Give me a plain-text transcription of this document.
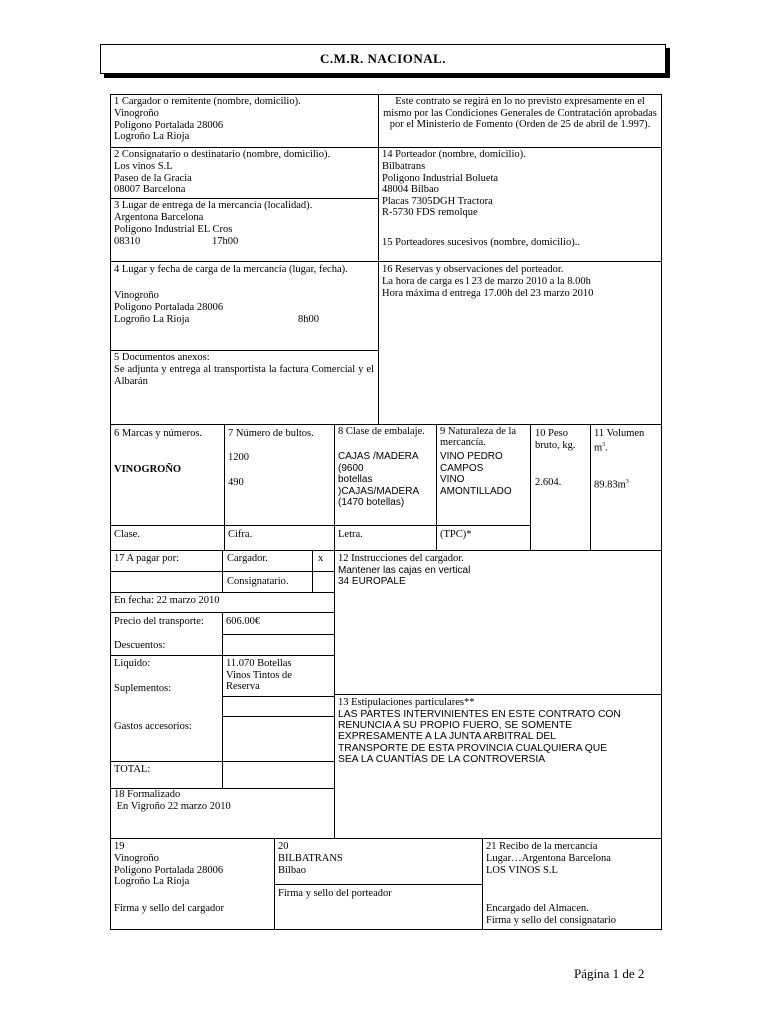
C.M.R. NACIONAL.
1 Cargador o remitente (nombre, domicilio).
Vinogroño
Poligono Portalada 28006
Logroño La Rioja
Este contrato se regirá en lo no previsto expresamente en el mismo por las Condiciones Generales de Contratación aprobadas por el Ministerio de Fomento (Orden de 25 de abril de 1.997).
2 Consignatario o destinatario (nombre, domicilio).
Los vinos S.L
Paseo de la Gracia
08007 Barcelona
14 Porteador (nombre, domicilio).
Bilbatrans
Poligono Industrial Bolueta
48004 Bilbao
Placas 7305DGH Tractora
R-5730 FDS remolque
3 Lugar de entrega de la mercancía (localidad).
Argentona Barcelona
Poligono Industrial EL Cros
08310	17h00	15 Porteadores sucesivos (nombre, domicilio)..
4 Lugar y fecha de carga de la mercancía (lugar, fecha).
Vinogroño
Poligono Portalada 28006
Logroño La Rioja	8h00
16 Reservas y observaciones del porteador.
La hora de carga es l 23 de marzo 2010 a la 8.00h
Hora máxima d entrega 17.00h del 23 marzo 2010
5 Documentos anexos:
Se adjunta y entrega al transportista la factura Comercial y el Albarán
6 Marcas y números.
VINOGROÑO
Clase.
7 Número de bultos.
1200
490
Cifra.
8 Clase de embalaje.
CAJAS /MADERA
(9600
botellas
)CAJAS/MADERA
(1470 botellas)
Letra.
9 Naturaleza de la mercancía.
VINO PEDRO
CAMPOS
VINO
AMONTILLADO
(TPC)*
10 Peso bruto, kg.
2.604.
11 Volumen $m^3$.
$89.83m^3$
17 A pagar por:	Cargador.	x
Consignatario.
12 Instrucciones del cargador.
Mantener las cajas en vertical
34 EUROPALE
En fecha: 22 marzo 2010
Precio del transporte: 606.00€
Descuentos:
Liquido:	11.070 Botellas
Vinos Tintos de
Reserva
Suplementos:
Gastos accesorios:
TOTAL:
13 Estipulaciones particulares**
LAS PARTES INTERVINIENTES EN ESTE CONTRATO CON
RENUNCIA A SU PROPIO FUERO, SE SOMENTE
EXPRESAMENTE A LA JUNTA ARBITRAL DEL
TRANSPORTE DE ESTA PROVINCIA CUALQUIERA QUE
SEA LA CUANTÍAS DE LA CONTROVERSIA
18 Formalizado
En Vigroño 22 marzo 2010
19
Vinogroño
Poligono Portalada 28006
Logroño La Rioja
Firma y sello del cargador
20
BILBATRANS
Bilbao
Firma y sello del porteador
21 Recibo de la mercancía
Lugar…Argentona Barcelona
LOS VINOS S.L
Encargado del Almacen.
Firma y sello del consignatario
Página 1 de 2
